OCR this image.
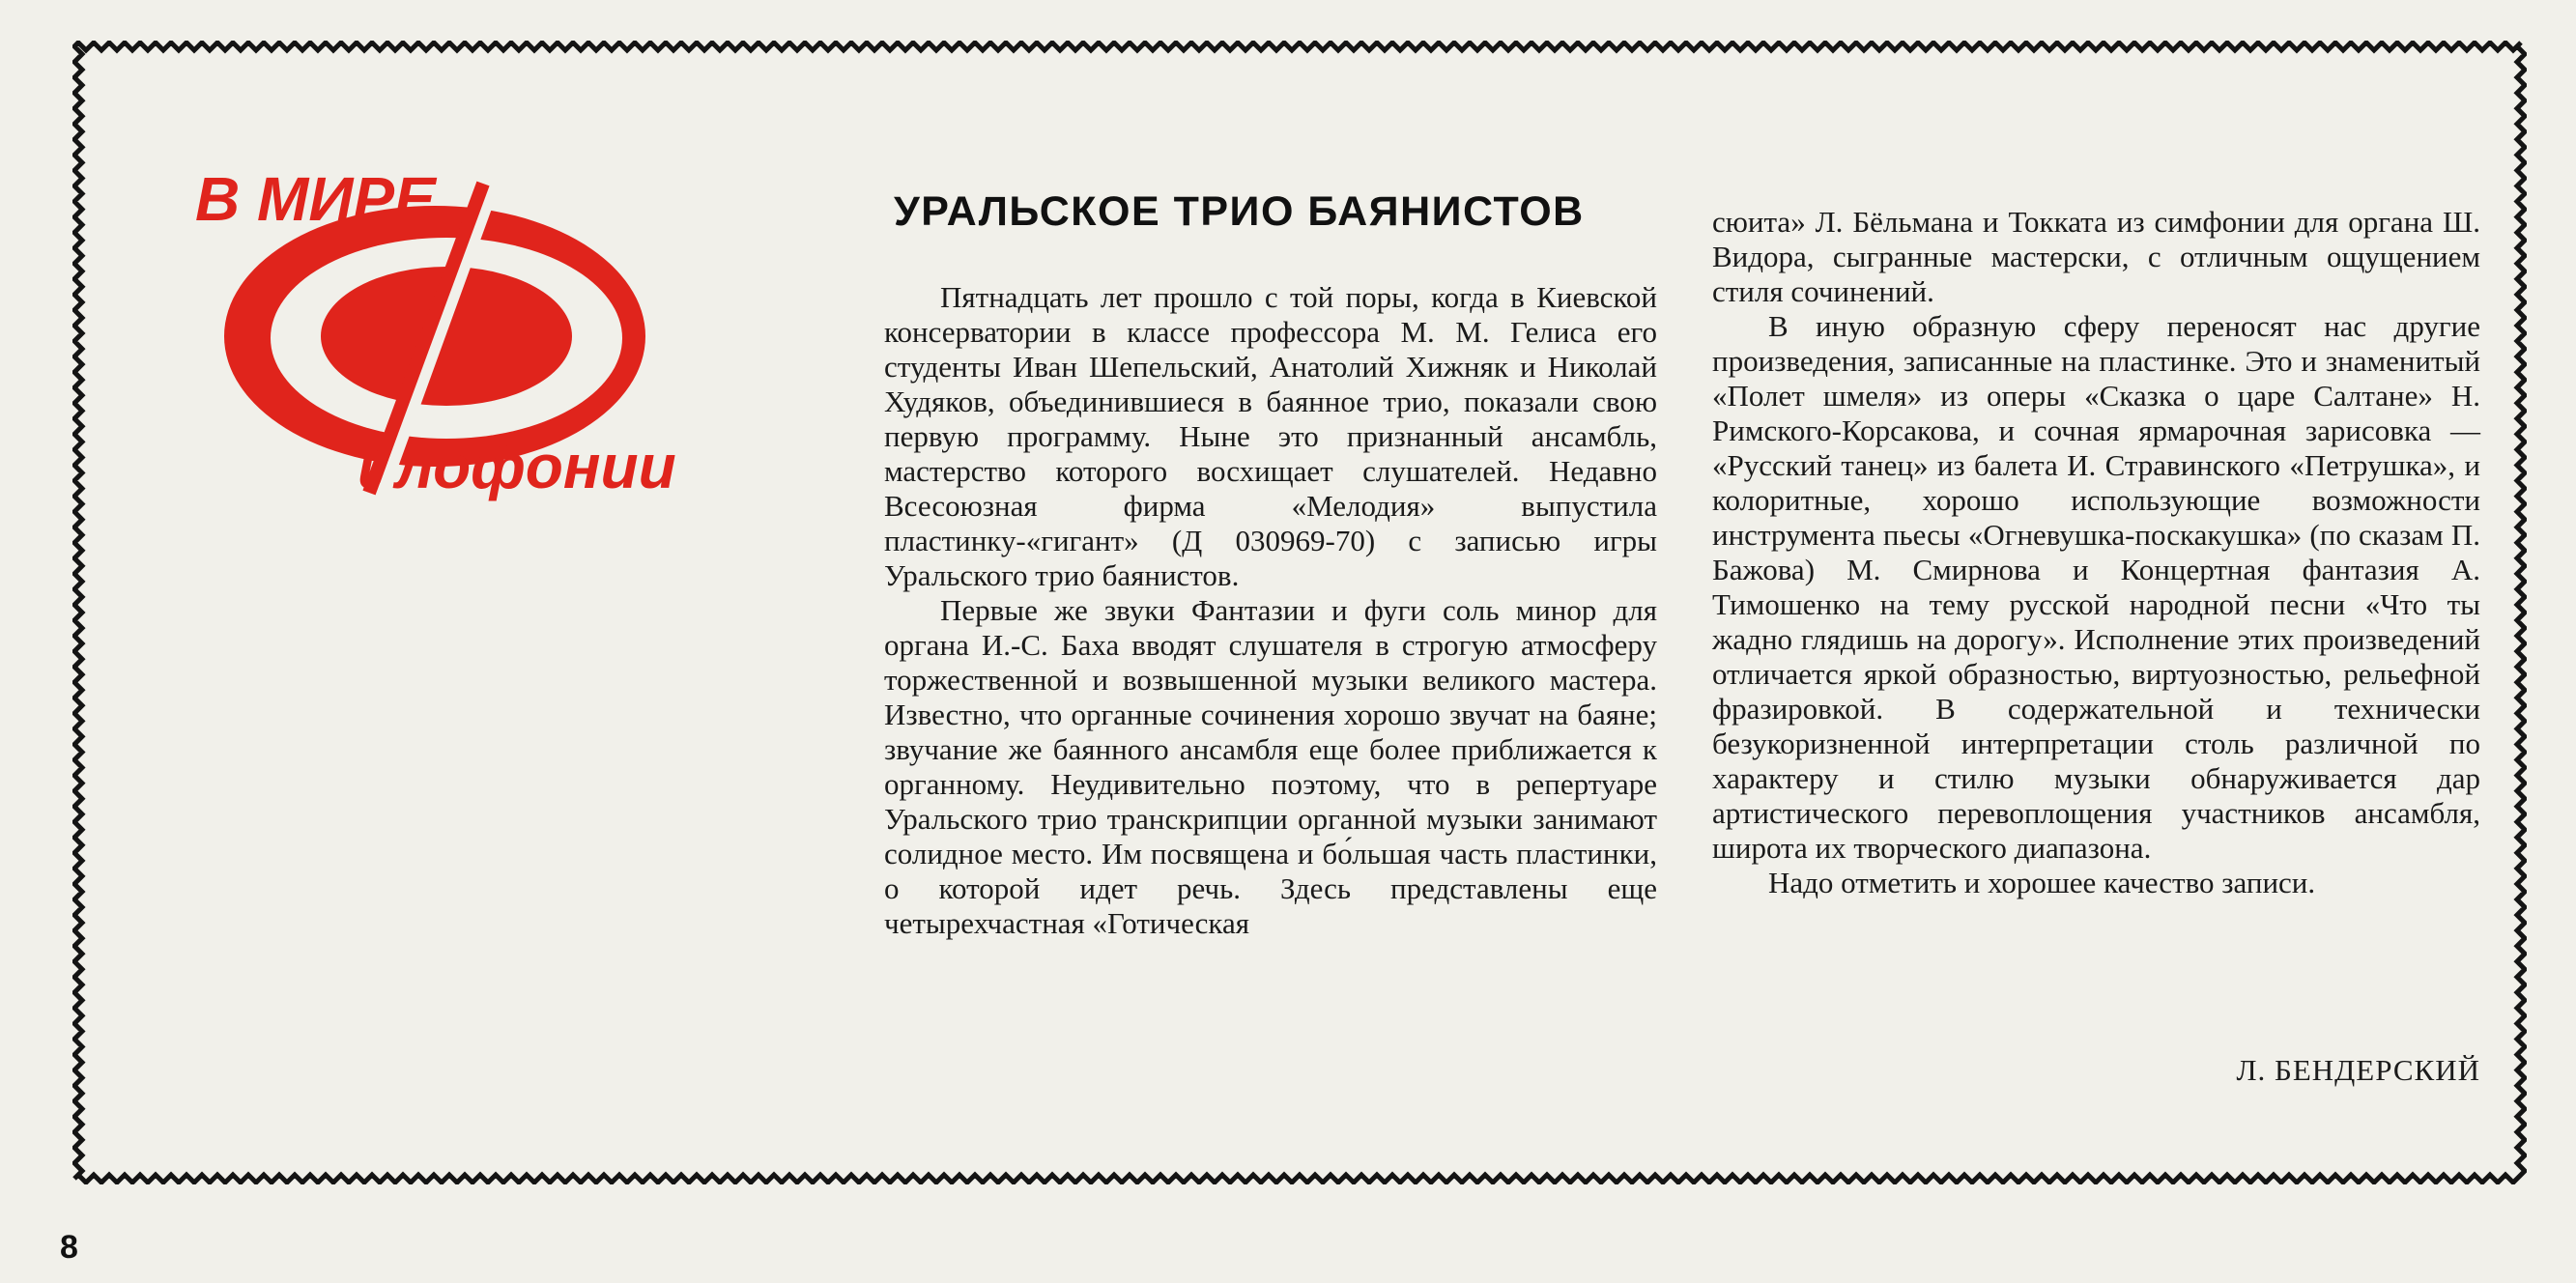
В МИРЕ
илофонии
УРАЛЬСКОЕ ТРИО БАЯНИСТОВ

Пятнадцать лет прошло с той поры, когда в Киевской консерватории в классе профессора М. М. Гелиса его студенты Иван Шепельский, Анатолий Хижняк и Николай Худяков, объединившиеся в баянное трио, показали свою первую программу. Ныне это признанный ансамбль, мастерство которого восхищает слушателей. Недавно Всесоюзная фирма «Мелодия» выпустила пластинку-«гигант» (Д 030969-70) с записью игры Уральского трио баянистов.

Первые же звуки Фантазии и фуги соль минор для органа И.-С. Баха вводят слушателя в строгую атмосферу торжественной и возвышенной музыки великого мастера. Известно, что органные сочинения хорошо звучат на баяне; звучание же баянного ансамбля еще более приближается к органному. Неудивительно поэтому, что в репертуаре Уральского трио транскрипции органной музыки занимают солидное место. Им посвящена и бо́льшая часть пластинки, о которой идет речь. Здесь представлены еще четырехчастная «Готическая

сюита» Л. Бёльмана и Токката из симфонии для органа Ш. Видора, сыгранные мастерски, с отличным ощущением стиля сочинений.

В иную образную сферу переносят нас другие произведения, записанные на пластинке. Это и знаменитый «Полет шмеля» из оперы «Сказка о царе Салтане» Н. Римского-Корсакова, и сочная ярмарочная зарисовка — «Русский танец» из балета И. Стравинского «Петрушка», и колоритные, хорошо использующие возможности инструмента пьесы «Огневушка-поскакушка» (по сказам П. Бажова) М. Смирнова и Концертная фантазия А. Тимошенко на тему русской народной песни «Что ты жадно глядишь на дорогу». Исполнение этих произведений отличается яркой образностью, виртуозностью, рельефной фразировкой. В содержательной и технически безукоризненной интерпретации столь различной по характеру и стилю музыки обнаруживается дар артистического перевоплощения участников ансамбля, широта их творческого диапазона.

Надо отметить и хорошее качество записи.

Л. БЕНДЕРСКИЙ
8
